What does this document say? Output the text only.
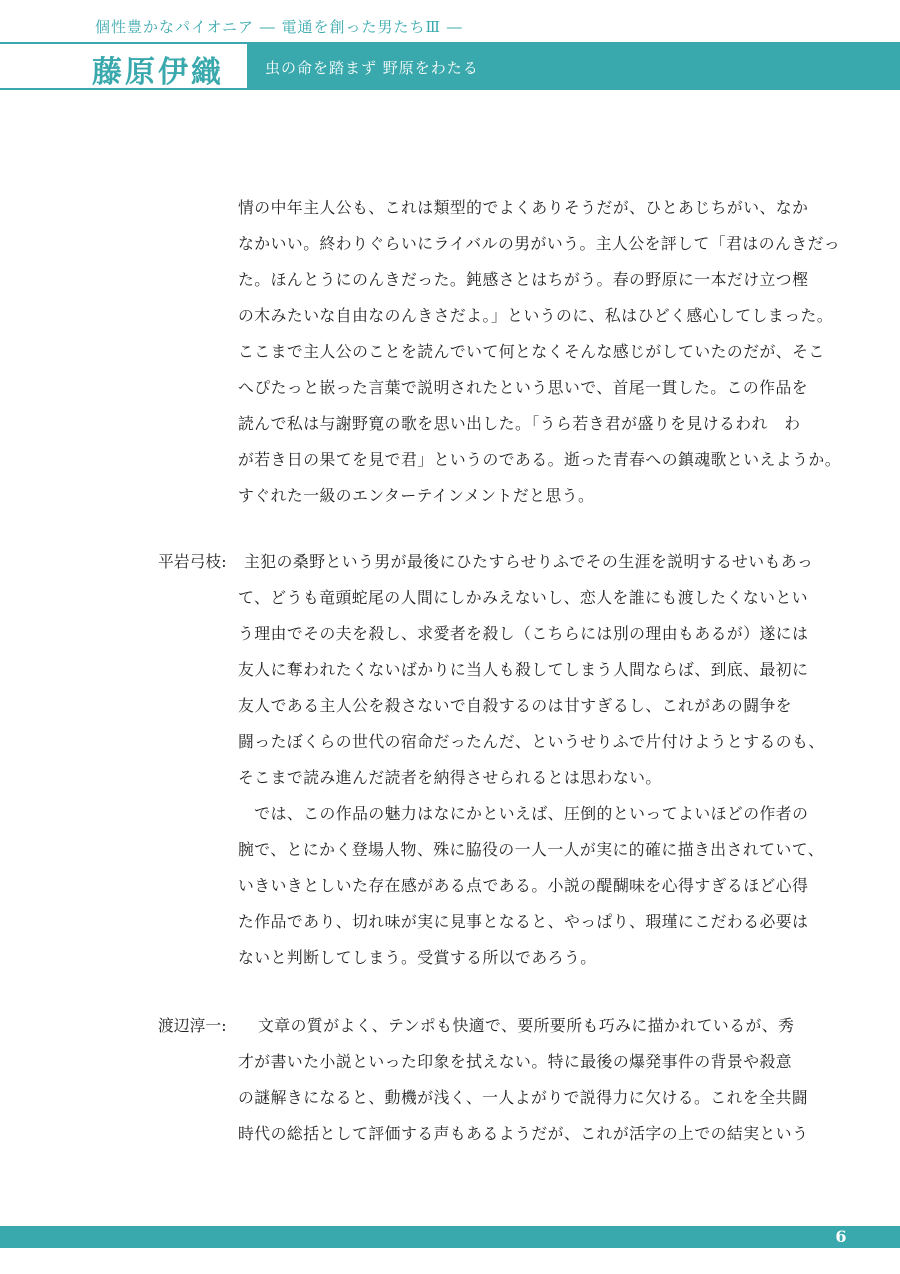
個性豊かなパイオニア ― 電通を創った男たちⅢ ―
藤原伊織	虫の命を踏まず 野原をわたる
情の中年主人公も、これは類型的でよくありそうだが、ひとあじちがい、なか
なかいい。終わりぐらいにライバルの男がいう。主人公を評して「君はのんきだっ
た。ほんとうにのんきだった。鈍感さとはちがう。春の野原に一本だけ立つ樫
の木みたいな自由なのんきさだよ。」というのに、私はひどく感心してしまった。
ここまで主人公のことを読んでいて何となくそんな感じがしていたのだが、そこ
へぴたっと嵌った言葉で説明されたという思いで、首尾一貫した。この作品を
読んで私は与謝野寛の歌を思い出した。「うら若き君が盛りを見けるわれ　わ
が若き日の果てを見で君」というのである。逝った青春への鎮魂歌といえようか。
すぐれた一級のエンターテインメントだと思う。
平岩弓枝: 主犯の桑野という男が最後にひたすらせりふでその生涯を説明するせいもあっ
て、どうも竜頭蛇尾の人間にしかみえないし、恋人を誰にも渡したくないとい
う理由でその夫を殺し、求愛者を殺し（こちらには別の理由もあるが）遂には
友人に奪われたくないばかりに当人も殺してしまう人間ならば、到底、最初に
友人である主人公を殺さないで自殺するのは甘すぎるし、これがあの闘争を
闘ったぼくらの世代の宿命だったんだ、というせりふで片付けようとするのも、
そこまで読み進んだ読者を納得させられるとは思わない。
　では、この作品の魅力はなにかといえば、圧倒的といってよいほどの作者の
腕で、とにかく登場人物、殊に脇役の一人一人が実に的確に描き出されていて、
いきいきとしいた存在感がある点である。小説の醍醐味を心得すぎるほど心得
た作品であり、切れ味が実に見事となると、やっぱり、瑕瑾にこだわる必要は
ないと判断してしまう。受賞する所以であろう。
渡辺淳一: 文章の質がよく、テンポも快適で、要所要所も巧みに描かれているが、秀
才が書いた小説といった印象を拭えない。特に最後の爆発事件の背景や殺意
の謎解きになると、動機が浅く、一人よがりで説得力に欠ける。これを全共闘
時代の総括として評価する声もあるようだが、これが活字の上での結実という
6
